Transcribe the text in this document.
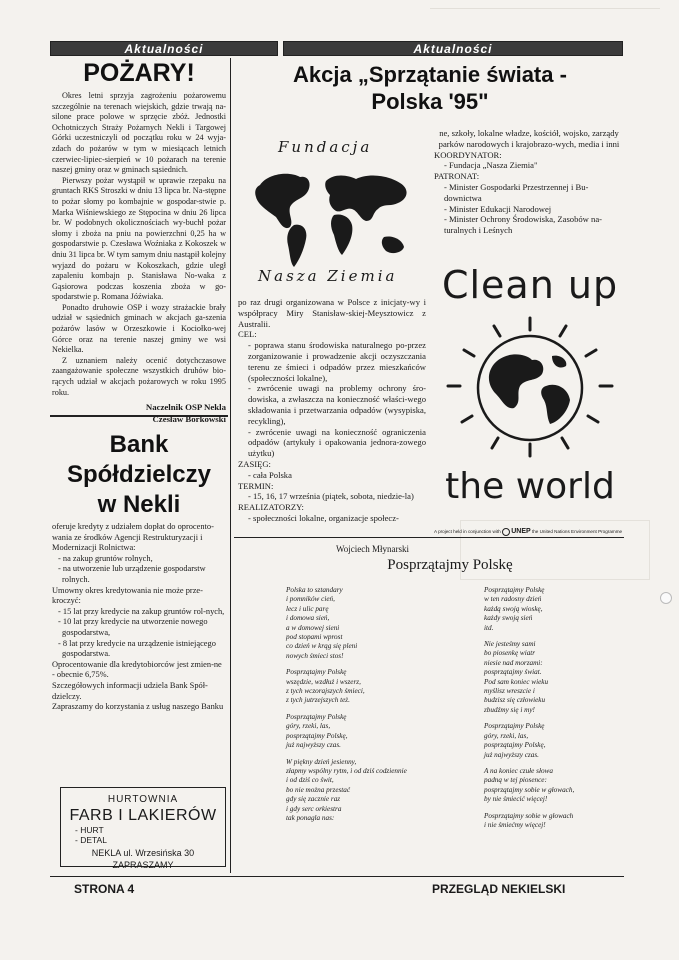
Aktualności	Aktualności
POŻARY!

Okres letni sprzyja zagrożeniu pożarowemu szczególnie na terenach wiejskich, gdzie trwają na-silone prace polowe w sprzęcie zbóż. Jednostki Ochotniczych Straży Pożarnych Nekli i Targowej Górki uczestniczyli od początku roku w 24 wyja-zdach do pożarów w tym w miesiącach letnich czerwiec-lipiec-sierpień w 10 pożarach na terenie naszej gminy oraz w gminach sąsiednich.

Pierwszy pożar wystąpił w uprawie rzepaku na gruntach RKS Stroszki w dniu 13 lipca br. Na-stępne to pożar słomy po kombajnie w gospodar-stwie p. Marka Wiśniewskiego ze Stępocina w dniu 26 lipca br. W podobnych okolicznościach wy-buchł pożar słomy i zboża na pniu na powierzchni 0,25 ha w gospodarstwie p. Czesława Woźniaka z Kokoszek w dniu 31 lipca br. W tym samym dniu nastąpił kolejny wyjazd do pożaru w Kokoszkach, gdzie uległ zapaleniu kombajn p. Stanisława No-waka z Gąsiorowa podczas koszenia zboża w go-spodarstwie p. Romana Jóźwiaka.

Ponadto druhowie OSP i wozy strażackie brały udział w sąsiednich gminach w akcjach ga-szenia pożarów lasów w Orzeszkowie i Kociołko-wej Górce oraz na terenie naszej gminy we wsi Nekielka.

Z uznaniem należy ocenić dotychczasowe zaangażowanie społeczne wszystkich druhów bio-rących udział w akcjach pożarowych w roku 1995 roku.

Naczelnik OSP Nekla
Czesław Borkowski
Bank
Spółdzielczy
w Nekli
oferuje kredyty z udziałem dopłat do oprocento-wania ze środków Agencji Restrukturyzacji i Modernizacji Rolnictwa:
- na zakup gruntów rolnych,
- na utworzenie lub urządzenie gospodarstw rolnych.
Umowny okres kredytowania nie może prze-kroczyć:
- 15 lat przy kredycie na zakup gruntów rol-nych,
- 10 lat przy kredycie na utworzenie nowego gospodarstwa,
- 8 lat przy kredycie na urządzenie istniejącego gospodarstwa.
Oprocentowanie dla kredytobiorców jest zmien-ne - obecnie 6,75%.
Szczegółowych informacji udziela Bank Spół-dzielczy.
Zapraszamy do korzystania z usług naszego Banku
HURTOWNIA
FARB I LAKIERÓW
- HURT
- DETAL
NEKLA ul. Wrzesińska 30
ZAPRASZAMY
Akcja „Sprzątanie świata -
Polska '95"
Fundacja
Nasza Ziemia
po raz drugi organizowana w Polsce z inicjaty-wy i współpracy Miry Stanisław-skiej-Meysztowicz z Australii.
CEL:
- poprawa stanu środowiska naturalnego po-przez zorganizowanie i prowadzenie akcji oczyszczania terenu ze śmieci i odpadów przez mieszkańców (społeczności lokalne),
- zwrócenie uwagi na problemy ochrony śro-dowiska, a zwłaszcza na konieczność właści-wego składowania i przetwarzania odpadów (wysypiska, recykling),
- zwrócenie uwagi na konieczność ograniczenia odpadów (artykuły i opakowania jednora-zowego użytku)
ZASIĘG:
- cała Polska
TERMIN:
- 15, 16, 17 września (piątek, sobota, niedzie-la)
REALIZATORZY:
- społeczności lokalne, organizacje społecz-
ne, szkoły, lokalne władze, kościół, wojsko, zarządy parków narodowych i krajobrazo-wych, media i inni
KOORDYNATOR:
- Fundacja „Nasza Ziemia"
PATRONAT:
- Minister Gospodarki Przestrzennej i Bu-downictwa
- Minister Edukacji Narodowej
- Minister Ochrony Środowiska, Zasobów na-turalnych i Leśnych
Clean up
the world
A project held in conjunction with UNEP the United Nations Environment Programme
Wojciech Młynarski
Posprzątajmy Polskę
Polska to sztandary
i pomników cień,
lecz i ulic parę
i domowa sień,
a w domowej sieni
pod stopami wprost
co dzień w krąg się pleni
nowych śmieci stos!
Posprzątajmy Polskę
wszędzie, wzdłuż i wszerz,
z tych wczorajszych śmieci,
z tych jutrzejszych też.
Posprzątajmy Polskę
góry, rzeki, las,
posprzątajmy Polskę,
już najwyższy czas.
W piękny dzień jesienny,
złapmy wspólny rytm, i od dziś codziennie
i od dziś co świt,
bo nie można przestać
gdy się zacznie raz
i gdy serc orkiestra
tak ponagla nas:
Posprzątajmy Polskę
w ten radosny dzień
każdą swoją wioskę,
każdy swoją sień
itd.
Nie jesteśmy sami
bo piosenkę wiatr
niesie nad morzami:
posprzątajmy świat.
Pod sam koniec wieku
myślisz wreszcie i
budzisz się człowieku
zbudźmy się i my!
Posprzątajmy Polskę
góry, rzeki, las,
posprzątajmy Polskę,
już najwyższy czas.
A na koniec czułe słowa
padną w tej piosence:
posprzątajmy sobie w głowach,
by nie śmiecić więcej!
Posprzątajmy sobie w głowach
i nie śmiećmy więcej!
STRONA 4	PRZEGLĄD NEKIELSKI
